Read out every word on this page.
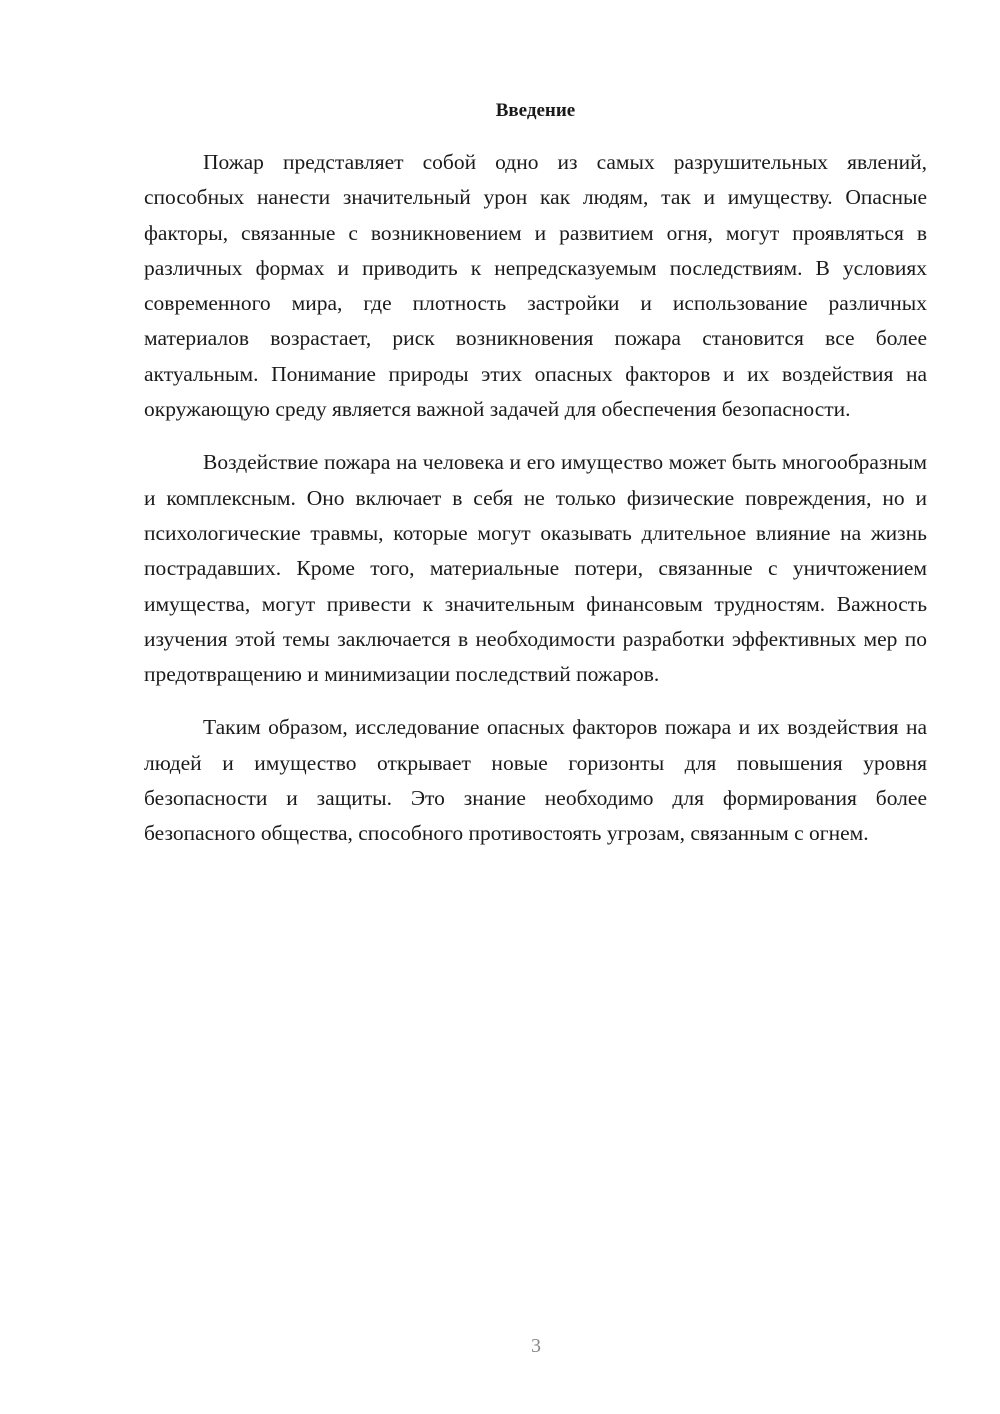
Введение

Пожар представляет собой одно из самых разрушительных явлений, способных нанести значительный урон как людям, так и имуществу. Опасные факторы, связанные с возникновением и развитием огня, могут проявляться в различных формах и приводить к непредсказуемым последствиям. В условиях современного мира, где плотность застройки и использование различных материалов возрастает, риск возникновения пожара становится все более актуальным. Понимание природы этих опасных факторов и их воздействия на окружающую среду является важной задачей для обеспечения безопасности.

Воздействие пожара на человека и его имущество может быть многообразным и комплексным. Оно включает в себя не только физические повреждения, но и психологические травмы, которые могут оказывать длительное влияние на жизнь пострадавших. Кроме того, материальные потери, связанные с уничтожением имущества, могут привести к значительным финансовым трудностям. Важность изучения этой темы заключается в необходимости разработки эффективных мер по предотвращению и минимизации последствий пожаров.

Таким образом, исследование опасных факторов пожара и их воздействия на людей и имущество открывает новые горизонты для повышения уровня безопасности и защиты. Это знание необходимо для формирования более безопасного общества, способного противостоять угрозам, связанным с огнем.

3
